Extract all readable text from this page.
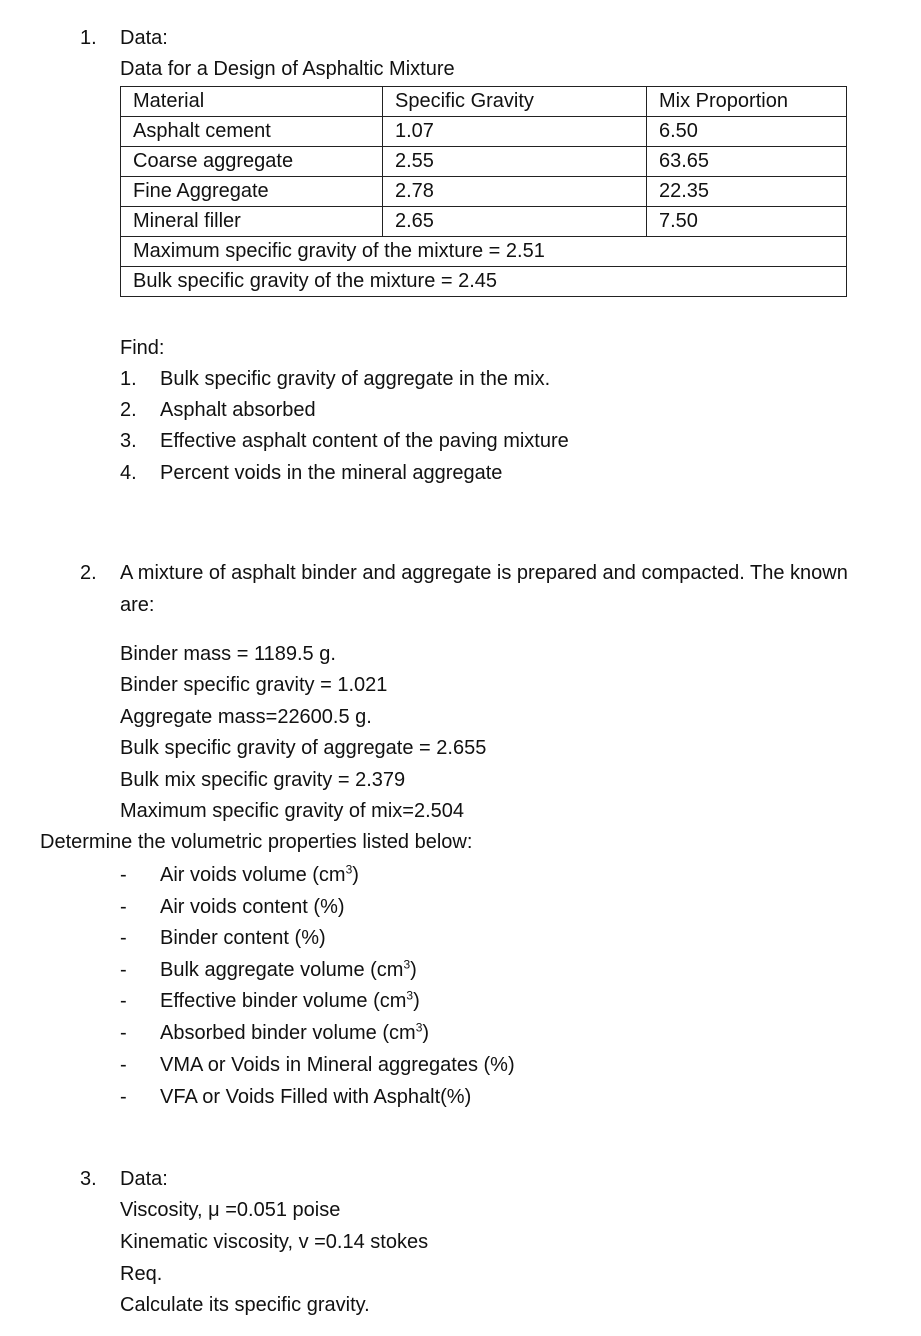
1. Data:
Data for a Design of Asphaltic Mixture
Material	Specific Gravity	Mix Proportion
Asphalt cement	1.07	6.50
Coarse aggregate	2.55	63.65
Fine Aggregate	2.78	22.35
Mineral filler	2.65	7.50
Maximum specific gravity of the mixture = 2.51		
Bulk specific gravity of the mixture = 2.45		
Find:
1. Bulk specific gravity of aggregate in the mix.
2. Asphalt absorbed
3. Effective asphalt content of the paving mixture
4. Percent voids in the mineral aggregate
2. A mixture of asphalt binder and aggregate is prepared and compacted. The known
are:
Binder mass = 1189.5 g.
Binder specific gravity = 1.021
Aggregate mass=22600.5 g.
Bulk specific gravity of aggregate = 2.655
Bulk mix specific gravity = 2.379
Maximum specific gravity of mix=2.504
Determine the volumetric properties listed below:
- Air voids volume $(cm^3)$
- Air voids content (%)
- Binder content (%)
- Bulk aggregate volume $(cm^3)$
- Effective binder volume $(cm^3)$
- Absorbed binder volume $(cm^3)$
- VMA or Voids in Mineral aggregates (%)
- VFA or Voids Filled with Asphalt(%)
3. Data:
Viscosity, μ =0.051 poise
Kinematic viscosity, v =0.14 stokes
Req.
Calculate its specific gravity.
